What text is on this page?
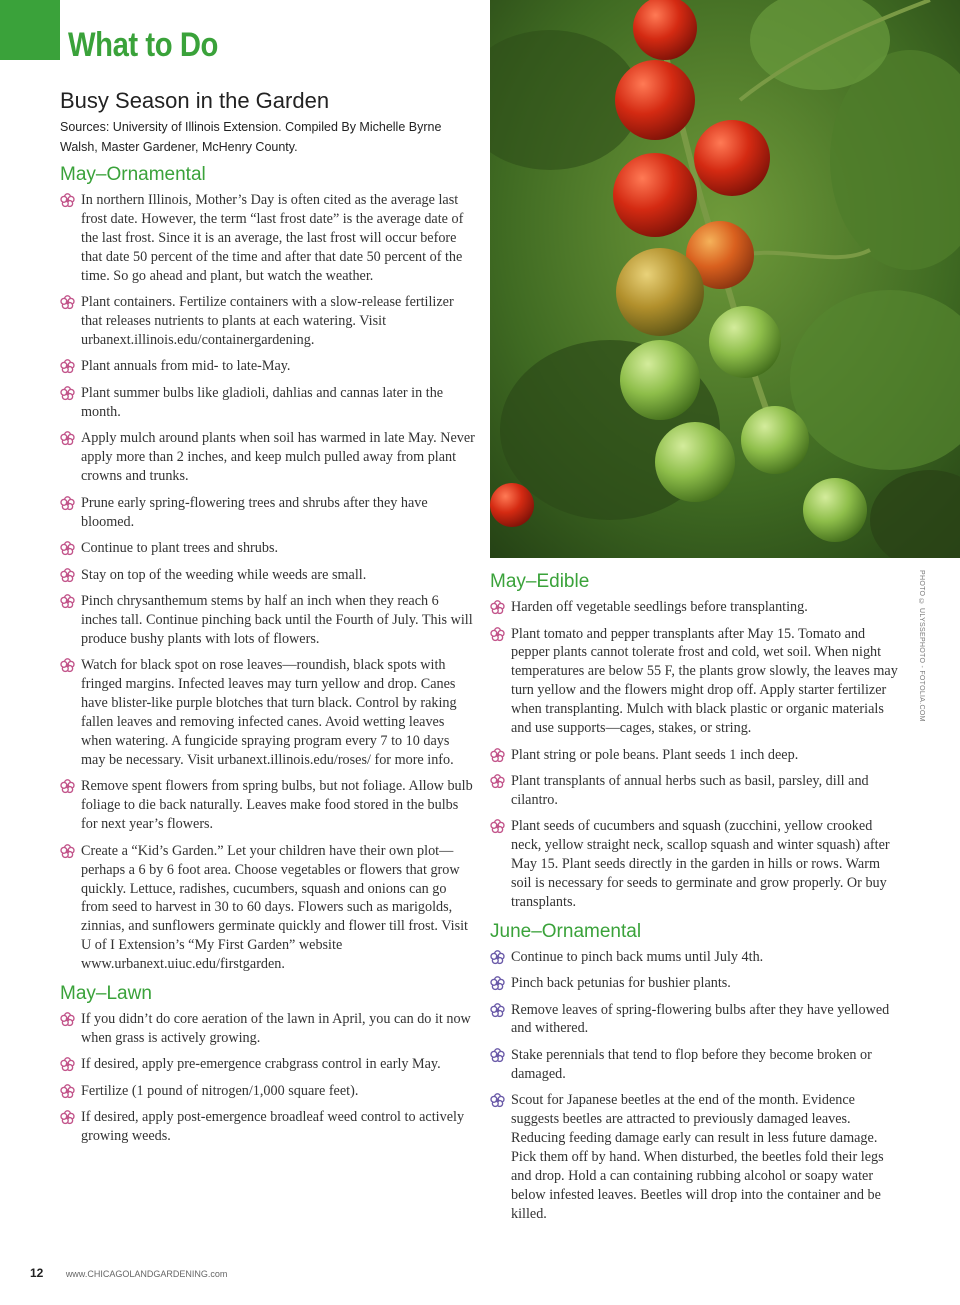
What to Do
Busy Season in the Garden
Sources: University of Illinois Extension. Compiled By Michelle Byrne Walsh, Master Gardener, McHenry County.
May–Ornamental
In northern Illinois, Mother’s Day is often cited as the average last frost date. However, the term “last frost date” is the average date of the last frost. Since it is an average, the last frost will occur before that date 50 percent of the time and after that date 50 percent of the time. So go ahead and plant, but watch the weather.
Plant containers. Fertilize containers with a slow-release fertilizer that releases nutrients to plants at each watering. Visit urbanext.illinois.edu/containergardening.
Plant annuals from mid- to late-May.
Plant summer bulbs like gladioli, dahlias and cannas later in the month.
Apply mulch around plants when soil has warmed in late May. Never apply more than 2 inches, and keep mulch pulled away from plant crowns and trunks.
Prune early spring-flowering trees and shrubs after they have bloomed.
Continue to plant trees and shrubs.
Stay on top of the weeding while weeds are small.
Pinch chrysanthemum stems by half an inch when they reach 6 inches tall. Continue pinching back until the Fourth of July. This will produce bushy plants with lots of flowers.
Watch for black spot on rose leaves—roundish, black spots with fringed margins. Infected leaves may turn yellow and drop. Canes have blister-like purple blotches that turn black. Control by raking fallen leaves and removing infected canes. Avoid wetting leaves when watering. A fungicide spraying program every 7 to 10 days may be necessary. Visit urbanext.illinois.edu/roses/ for more info.
Remove spent flowers from spring bulbs, but not foliage. Allow bulb foliage to die back naturally. Leaves make food stored in the bulbs for next year’s flowers.
Create a “Kid’s Garden.” Let your children have their own plot—perhaps a 6 by 6 foot area. Choose vegetables or flowers that grow quickly. Lettuce, radishes, cucumbers, squash and onions can go from seed to harvest in 30 to 60 days. Flowers such as marigolds, zinnias, and sunflowers germinate quickly and flower till frost. Visit U of I Extension’s “My First Garden” website www.urbanext.uiuc.edu/firstgarden.
May–Lawn
If you didn’t do core aeration of the lawn in April, you can do it now when grass is actively growing.
If desired, apply pre-emergence crabgrass control in early May.
Fertilize (1 pound of nitrogen/1,000 square feet).
If desired, apply post-emergence broadleaf weed control to actively growing weeds.
PHOTO © ULYSSEPHOTO - FOTOLIA.COM
May–Edible
Harden off vegetable seedlings before transplanting.
Plant tomato and pepper transplants after May 15. Tomato and pepper plants cannot tolerate frost and cold, wet soil. When night temperatures are below 55 F, the plants grow slowly, the leaves may turn yellow and the flowers might drop off. Apply starter fertilizer when transplanting. Mulch with black plastic or organic materials and use supports—cages, stakes, or string.
Plant string or pole beans. Plant seeds 1 inch deep.
Plant transplants of annual herbs such as basil, parsley, dill and cilantro.
Plant seeds of cucumbers and squash (zucchini, yellow crooked neck, yellow straight neck, scallop squash and winter squash) after May 15. Plant seeds directly in the garden in hills or rows. Warm soil is necessary for seeds to germinate and grow properly. Or buy transplants.
June–Ornamental
Continue to pinch back mums until July 4th.
Pinch back petunias for bushier plants.
Remove leaves of spring-flowering bulbs after they have yellowed and withered.
Stake perennials that tend to flop before they become broken or damaged.
Scout for Japanese beetles at the end of the month. Evidence suggests beetles are attracted to previously damaged leaves. Reducing feeding damage early can result in less future damage. Pick them off by hand. When disturbed, the beetles fold their legs and drop. Hold a can containing rubbing alcohol or soapy water below infested leaves. Beetles will drop into the container and be killed.
12 www.CHICAGOLANDGARDENING.com
